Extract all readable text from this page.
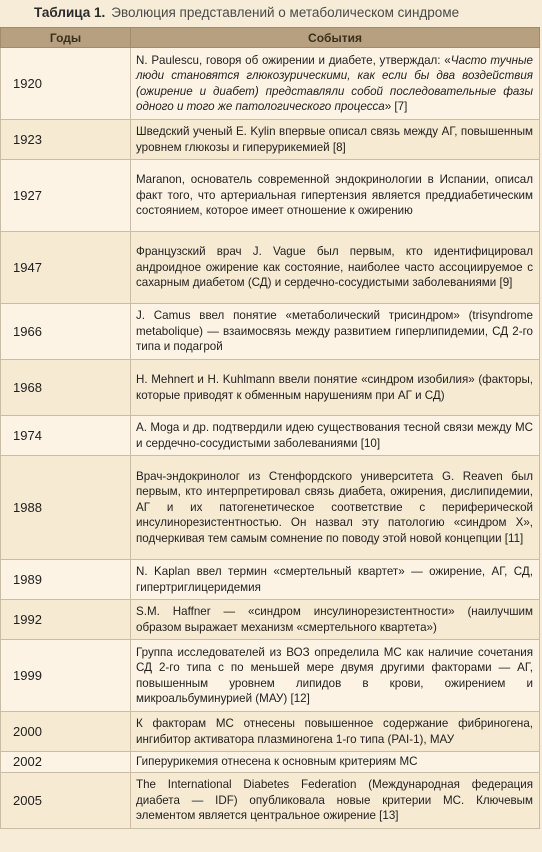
Таблица 1. Эволюция представлений о метаболическом синдроме
Годы	События
1920	N. Paulescu, говоря об ожирении и диабете, утверждал: «Часто тучные люди становятся глюкозурическими, как если бы два воздействия (ожирение и диабет) представляли собой последовательные фазы одного и того же патологического процесса» [7]
1923	Шведский ученый E. Kylin впервые описал связь между АГ, повышенным уровнем глюкозы и гиперурикемией [8]
1927	Maranon, основатель современной эндокринологии в Испании, описал факт того, что артериальная гипертензия является преддиабетическим состоянием, которое имеет отношение к ожирению
1947	Французский врач J. Vague был первым, кто идентифицировал андроидное ожирение как состояние, наиболее часто ассоциируемое с сахарным диабетом (СД) и сердечно-сосудистыми заболеваниями [9]
1966	J. Camus ввел понятие «метаболический трисиндром» (trisyndrome metabolique) — взаимосвязь между развитием гиперлипидемии, СД 2-го типа и подагрой
1968	H. Mehnert и H. Kuhlmann ввели понятие «синдром изобилия» (факторы, которые приводят к обменным нарушениям при АГ и СД)
1974	A. Moga и др. подтвердили идею существования тесной связи между МС и сердечно-сосудистыми заболеваниями [10]
1988	Врач-эндокринолог из Стенфордского университета G. Reaven был первым, кто интерпретировал связь диабета, ожирения, дислипидемии, АГ и их патогенетическое соответствие с периферической инсулинорезистентностью. Он назвал эту патологию «синдром Х», подчеркивая тем самым сомнение по поводу этой новой концепции [11]
1989	N. Kaplan ввел термин «смертельный квартет» — ожирение, АГ, СД, гипертриглицеридемия
1992	S.M. Haffner — «синдром инсулинорезистентности» (наилучшим образом выражает механизм «смертельного квартета»)
1999	Группа исследователей из ВОЗ определила МС как наличие сочетания СД 2-го типа с по меньшей мере двумя другими факторами — АГ, повышенным уровнем липидов в крови, ожирением и микроальбуминурией (МАУ) [12]
2000	К факторам МС отнесены повышенное содержание фибриногена, ингибитор активатора плазминогена 1-го типа (PAI-1), МАУ
2002	Гиперурикемия отнесена к основным критериям МС
2005	The International Diabetes Federation (Международная федерация диабета — IDF) опубликовала новые критерии МС. Ключевым элементом является центральное ожирение [13]
